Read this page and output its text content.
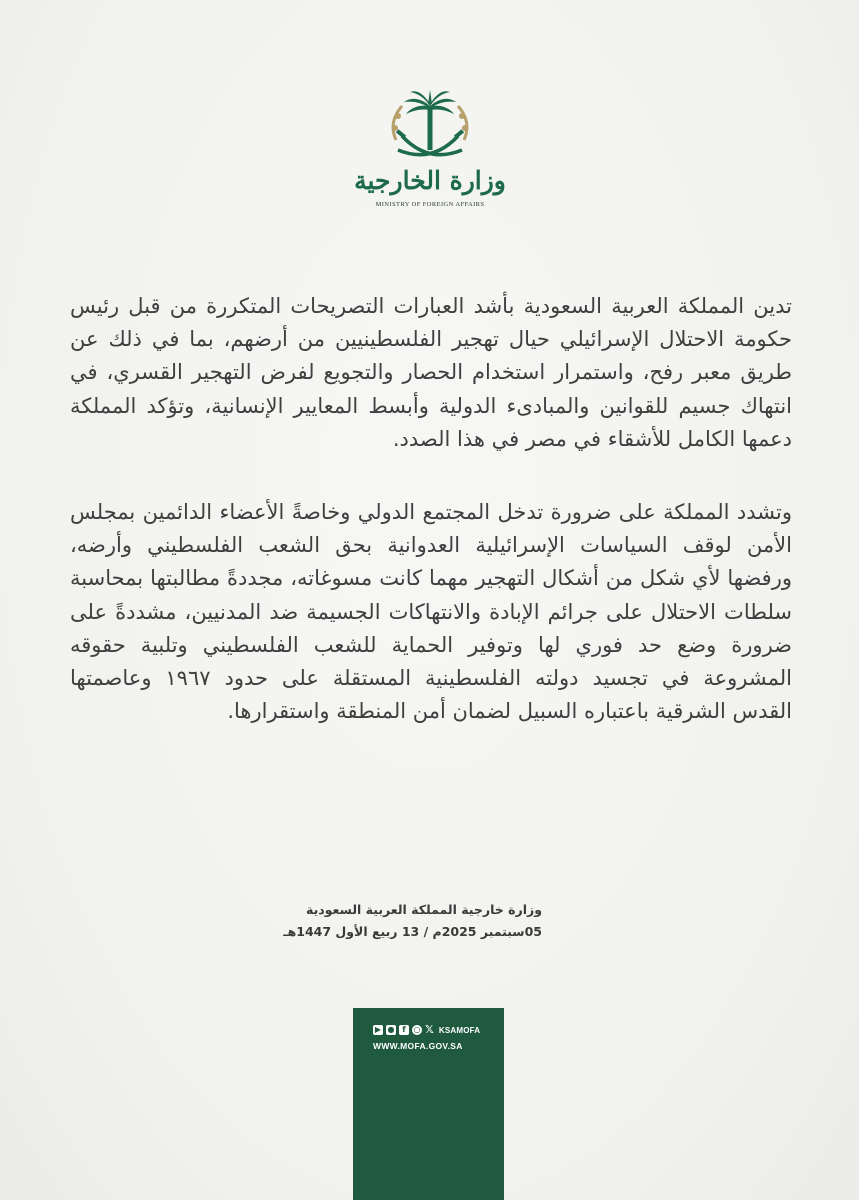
وزارة الخارجية
MINISTRY OF FOREIGN AFFAIRS

تدين المملكة العربية السعودية بأشد العبارات التصريحات المتكررة من قبل رئيس حكومة الاحتلال الإسرائيلي حيال تهجير الفلسطينيين من أرضهم، بما في ذلك عن طريق معبر رفح، واستمرار استخدام الحصار والتجويع لفرض التهجير القسري، في انتهاك جسيم للقوانين والمبادىء الدولية وأبسط المعايير الإنسانية، وتؤكد المملكة دعمها الكامل للأشقاء في مصر في هذا الصدد.

وتشدد المملكة على ضرورة تدخل المجتمع الدولي وخاصةً الأعضاء الدائمين بمجلس الأمن لوقف السياسات الإسرائيلية العدوانية بحق الشعب الفلسطيني وأرضه، ورفضها لأي شكل من أشكال التهجير مهما كانت مسوغاته، مجددةً مطالبتها بمحاسبة سلطات الاحتلال على جرائم الإبادة والانتهاكات الجسيمة ضد المدنيين، مشددةً على ضرورة وضع حد فوري لها وتوفير الحماية للشعب الفلسطيني وتلبية حقوقه المشروعة في تجسيد دولته الفلسطينية المستقلة على حدود ١٩٦٧ وعاصمتها القدس الشرقية باعتباره السبيل لضمان أمن المنطقة واستقرارها.

وزارة خارجية المملكة العربية السعودية
05سبتمبر 2025م / 13 ربيع الأول 1447هـ
▶ ● f ○ 𝕏 KSAMOFA
WWW.MOFA.GOV.SA
